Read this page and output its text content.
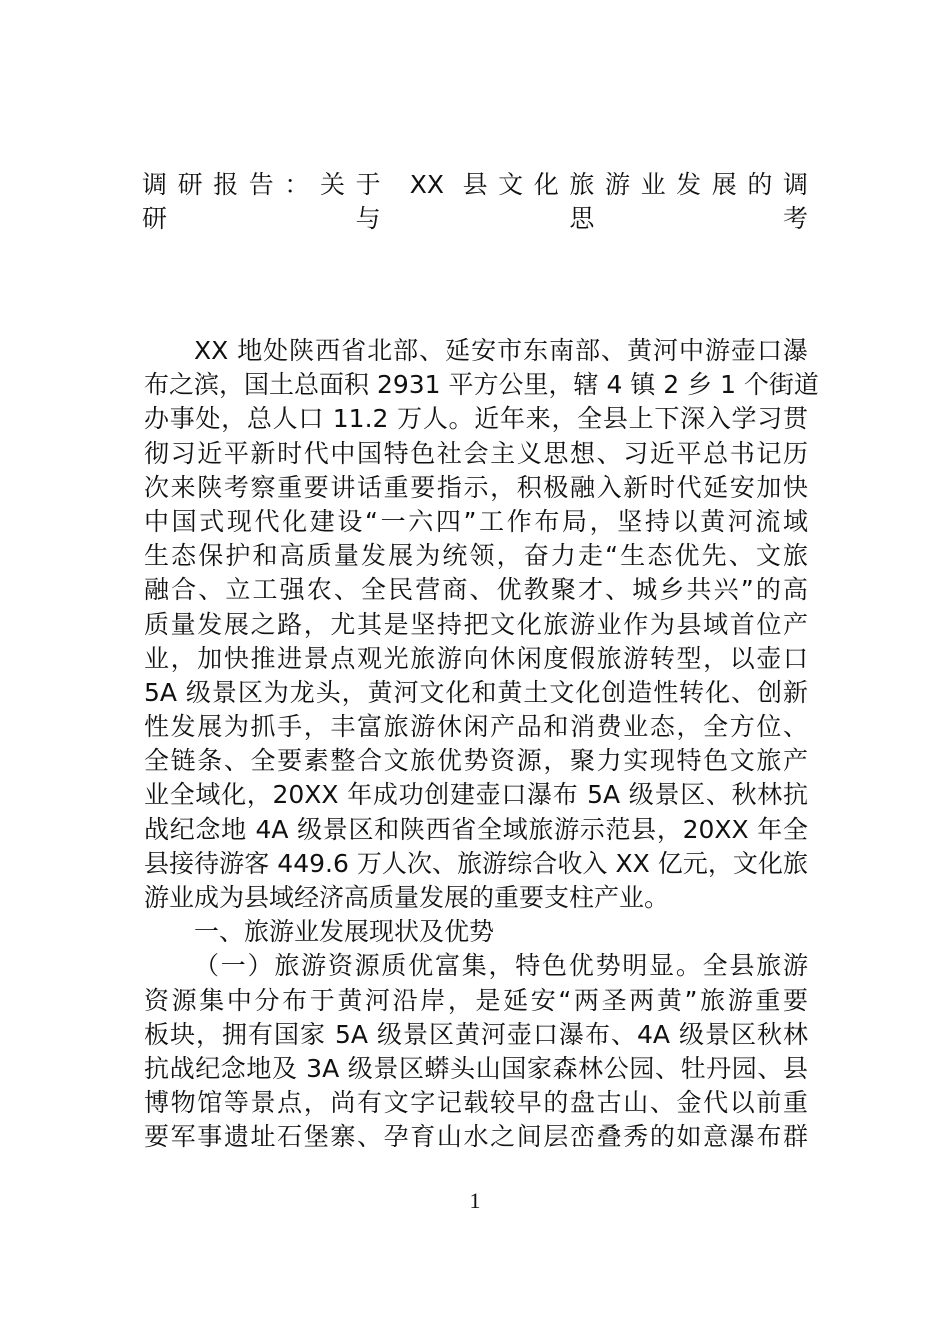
调研报告：关于 XX 县文化旅游业发展的调
研与思考
XX 地处陕西省北部、延安市东南部、黄河中游壶口瀑
布之滨，国土总面积 2931 平方公里，辖 4 镇 2 乡 1 个街道
办事处，总人口 11.2 万人。近年来，全县上下深入学习贯
彻习近平新时代中国特色社会主义思想、习近平总书记历
次来陕考察重要讲话重要指示，积极融入新时代延安加快
中国式现代化建设“一六四”工作布局，坚持以黄河流域
生态保护和高质量发展为统领，奋力走“生态优先、文旅
融合、立工强农、全民营商、优教聚才、城乡共兴”的高
质量发展之路，尤其是坚持把文化旅游业作为县域首位产
业，加快推进景点观光旅游向休闲度假旅游转型，以壶口
5A 级景区为龙头，黄河文化和黄土文化创造性转化、创新
性发展为抓手，丰富旅游休闲产品和消费业态，全方位、
全链条、全要素整合文旅优势资源，聚力实现特色文旅产
业全域化，20XX 年成功创建壶口瀑布 5A 级景区、秋林抗
战纪念地 4A 级景区和陕西省全域旅游示范县，20XX 年全
县接待游客 449.6 万人次、旅游综合收入 XX 亿元，文化旅
游业成为县域经济高质量发展的重要支柱产业。
一、旅游业发展现状及优势
（一）旅游资源质优富集，特色优势明显。全县旅游
资源集中分布于黄河沿岸，是延安“两圣两黄”旅游重要
板块，拥有国家 5A 级景区黄河壶口瀑布、4A 级景区秋林
抗战纪念地及 3A 级景区蟒头山国家森林公园、牡丹园、县
博物馆等景点，尚有文字记载较早的盘古山、金代以前重
要军事遗址石堡寨、孕育山水之间层峦叠秀的如意瀑布群
1
